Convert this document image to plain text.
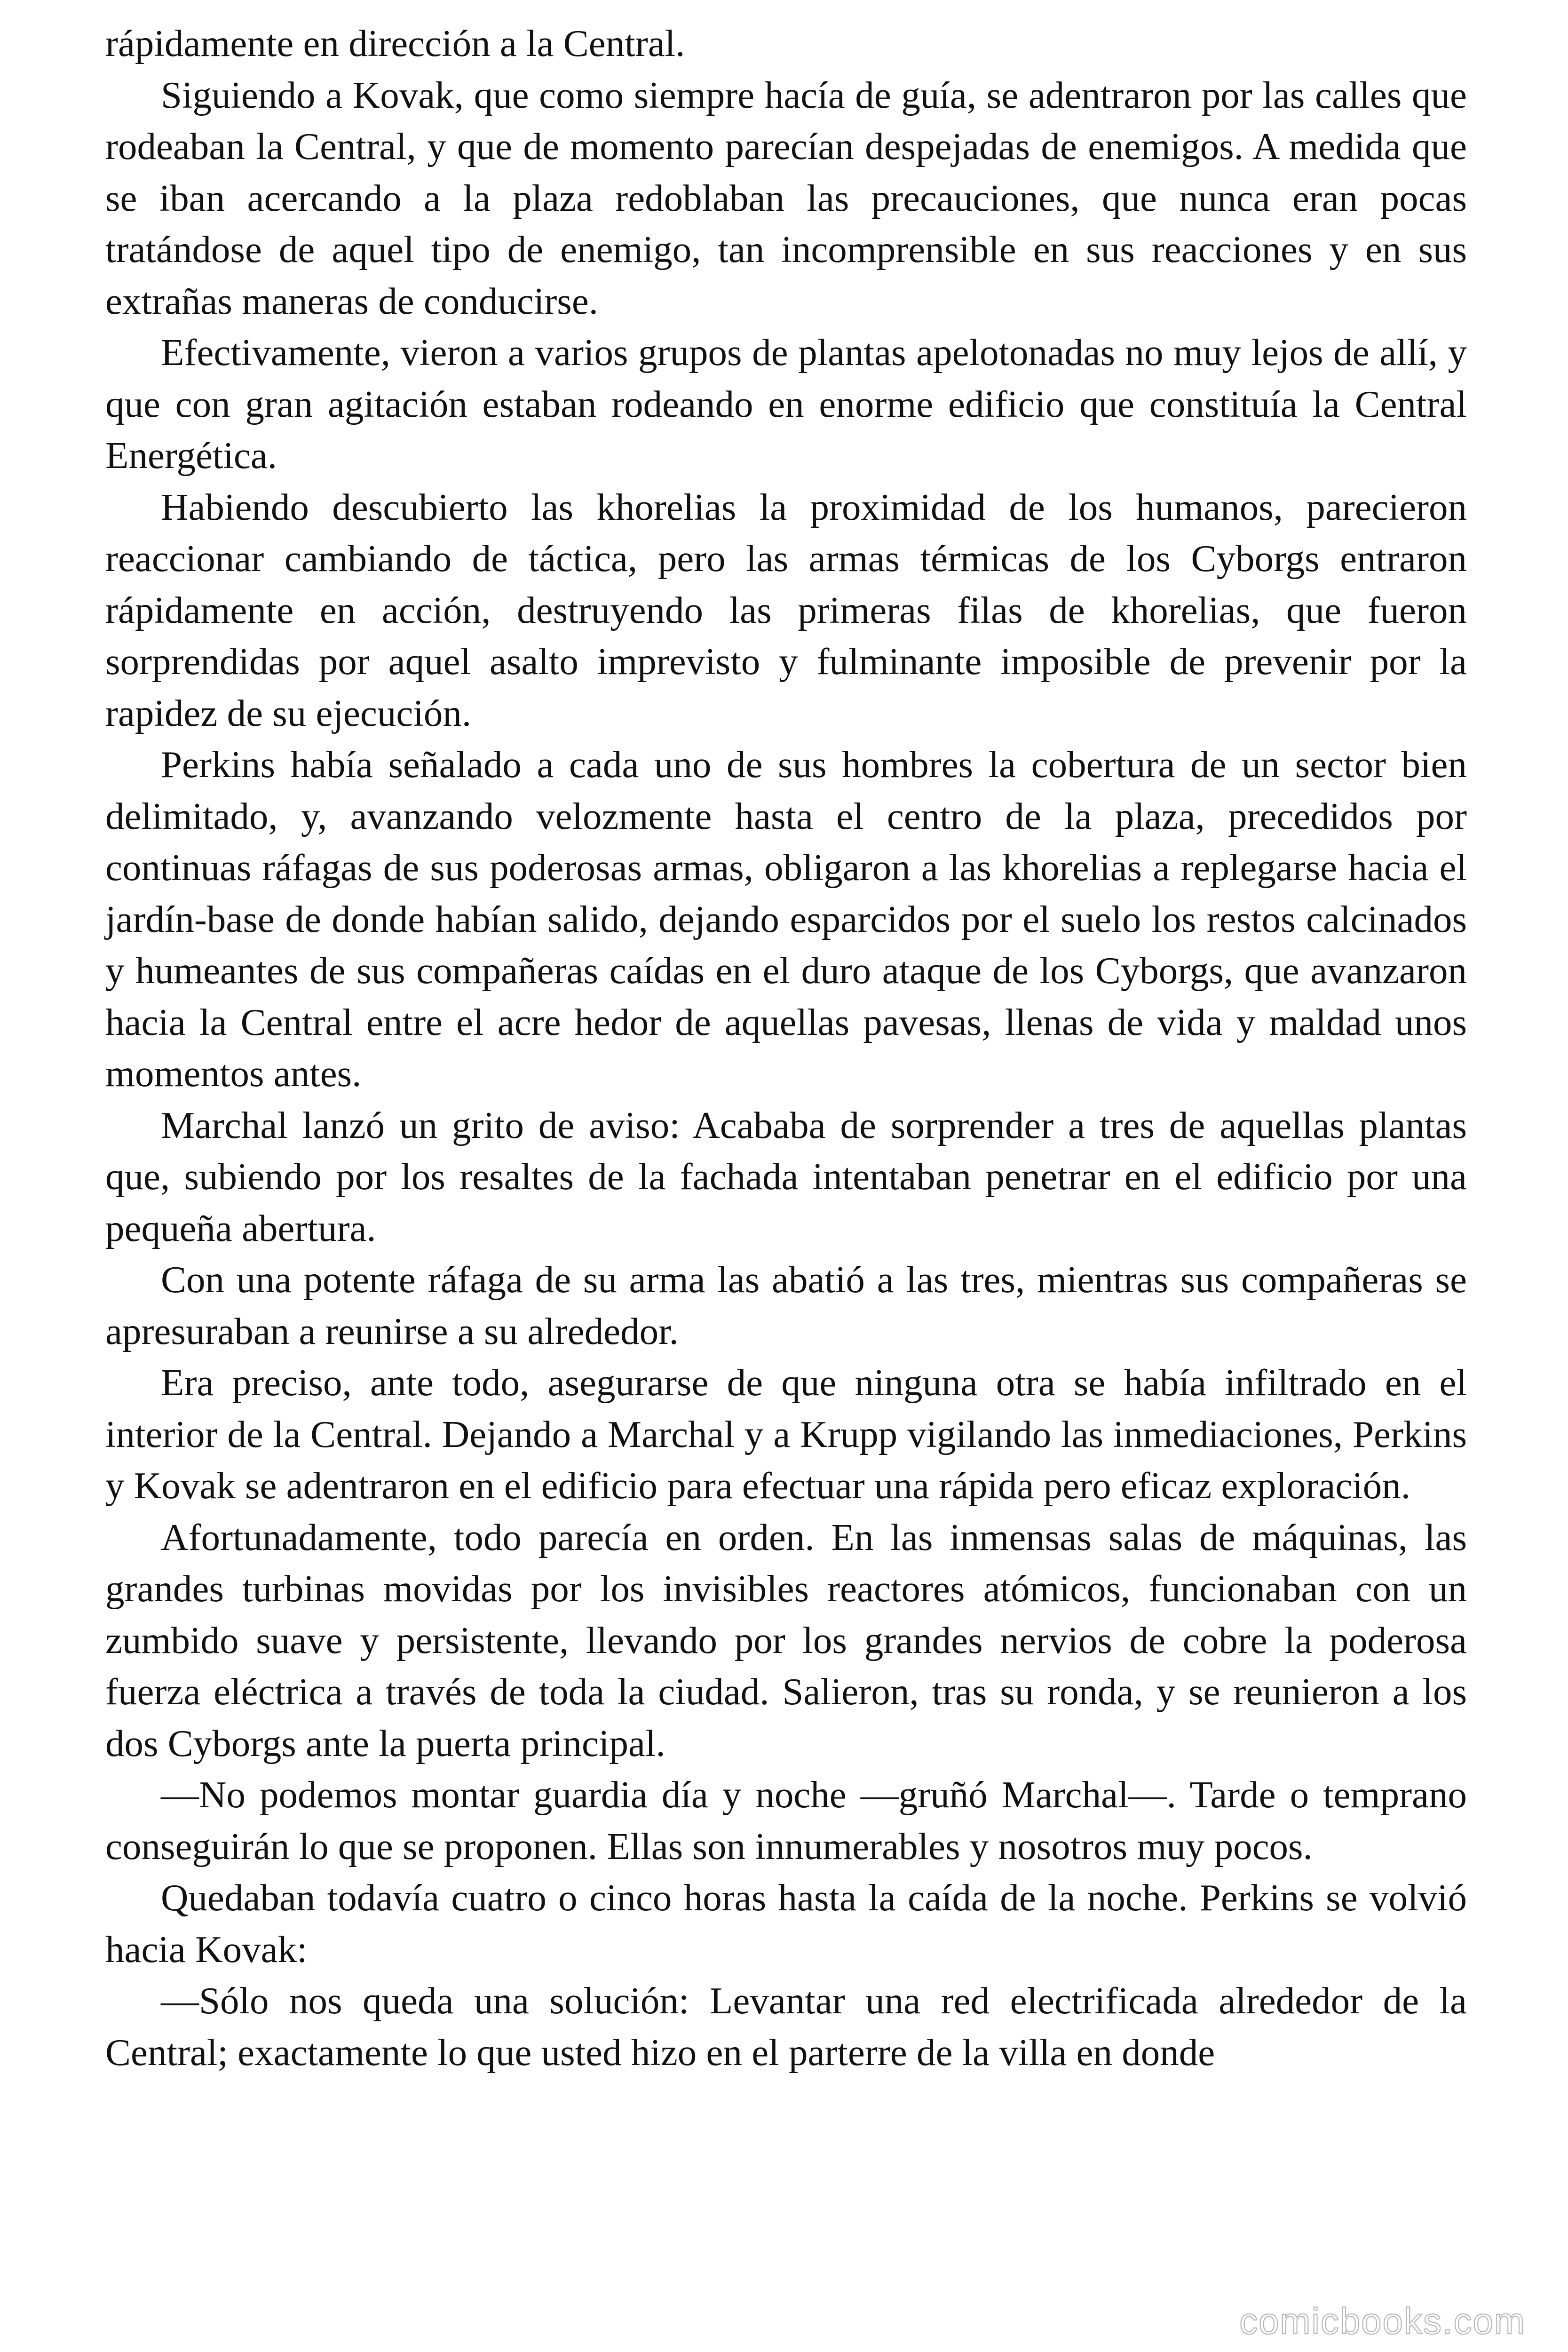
rápidamente en dirección a la Central.

Siguiendo a Kovak, que como siempre hacía de guía, se adentraron por las calles que rodeaban la Central, y que de momento parecían despejadas de enemigos. A medida que se iban acercando a la plaza redoblaban las precauciones, que nunca eran pocas tratándose de aquel tipo de enemigo, tan incomprensible en sus reacciones y en sus extrañas maneras de conducirse.

Efectivamente, vieron a varios grupos de plantas apelotonadas no muy lejos de allí, y que con gran agitación estaban rodeando en enorme edificio que constituía la Central Energética.

Habiendo descubierto las khorelias la proximidad de los humanos, parecieron reaccionar cambiando de táctica, pero las armas térmicas de los Cyborgs entraron rápidamente en acción, destruyendo las primeras filas de khorelias, que fueron sorprendidas por aquel asalto imprevisto y fulminante imposible de prevenir por la rapidez de su ejecución.

Perkins había señalado a cada uno de sus hombres la cobertura de un sector bien delimitado, y, avanzando velozmente hasta el centro de la plaza, precedidos por continuas ráfagas de sus poderosas armas, obligaron a las khorelias a replegarse hacia el jardín-base de donde habían salido, dejando esparcidos por el suelo los restos calcinados y humeantes de sus compañeras caídas en el duro ataque de los Cyborgs, que avanzaron hacia la Central entre el acre hedor de aquellas pavesas, llenas de vida y maldad unos momentos antes.

Marchal lanzó un grito de aviso: Acababa de sorprender a tres de aquellas plantas que, subiendo por los resaltes de la fachada intentaban penetrar en el edificio por una pequeña abertura.

Con una potente ráfaga de su arma las abatió a las tres, mientras sus compañeras se apresuraban a reunirse a su alrededor.

Era preciso, ante todo, asegurarse de que ninguna otra se había infiltrado en el interior de la Central. Dejando a Marchal y a Krupp vigilando las inmediaciones, Perkins y Kovak se adentraron en el edificio para efectuar una rápida pero eficaz exploración.

Afortunadamente, todo parecía en orden. En las inmensas salas de máquinas, las grandes turbinas movidas por los invisibles reactores atómicos, funcionaban con un zumbido suave y persistente, llevando por los grandes nervios de cobre la poderosa fuerza eléctrica a través de toda la ciudad. Salieron, tras su ronda, y se reunieron a los dos Cyborgs ante la puerta principal.

—No podemos montar guardia día y noche —gruñó Marchal—. Tarde o temprano conseguirán lo que se proponen. Ellas son innumerables y nosotros muy pocos.

Quedaban todavía cuatro o cinco horas hasta la caída de la noche. Perkins se volvió hacia Kovak:

—Sólo nos queda una solución: Levantar una red electrificada alrededor de la Central; exactamente lo que usted hizo en el parterre de la villa en donde

comicbooks.com
